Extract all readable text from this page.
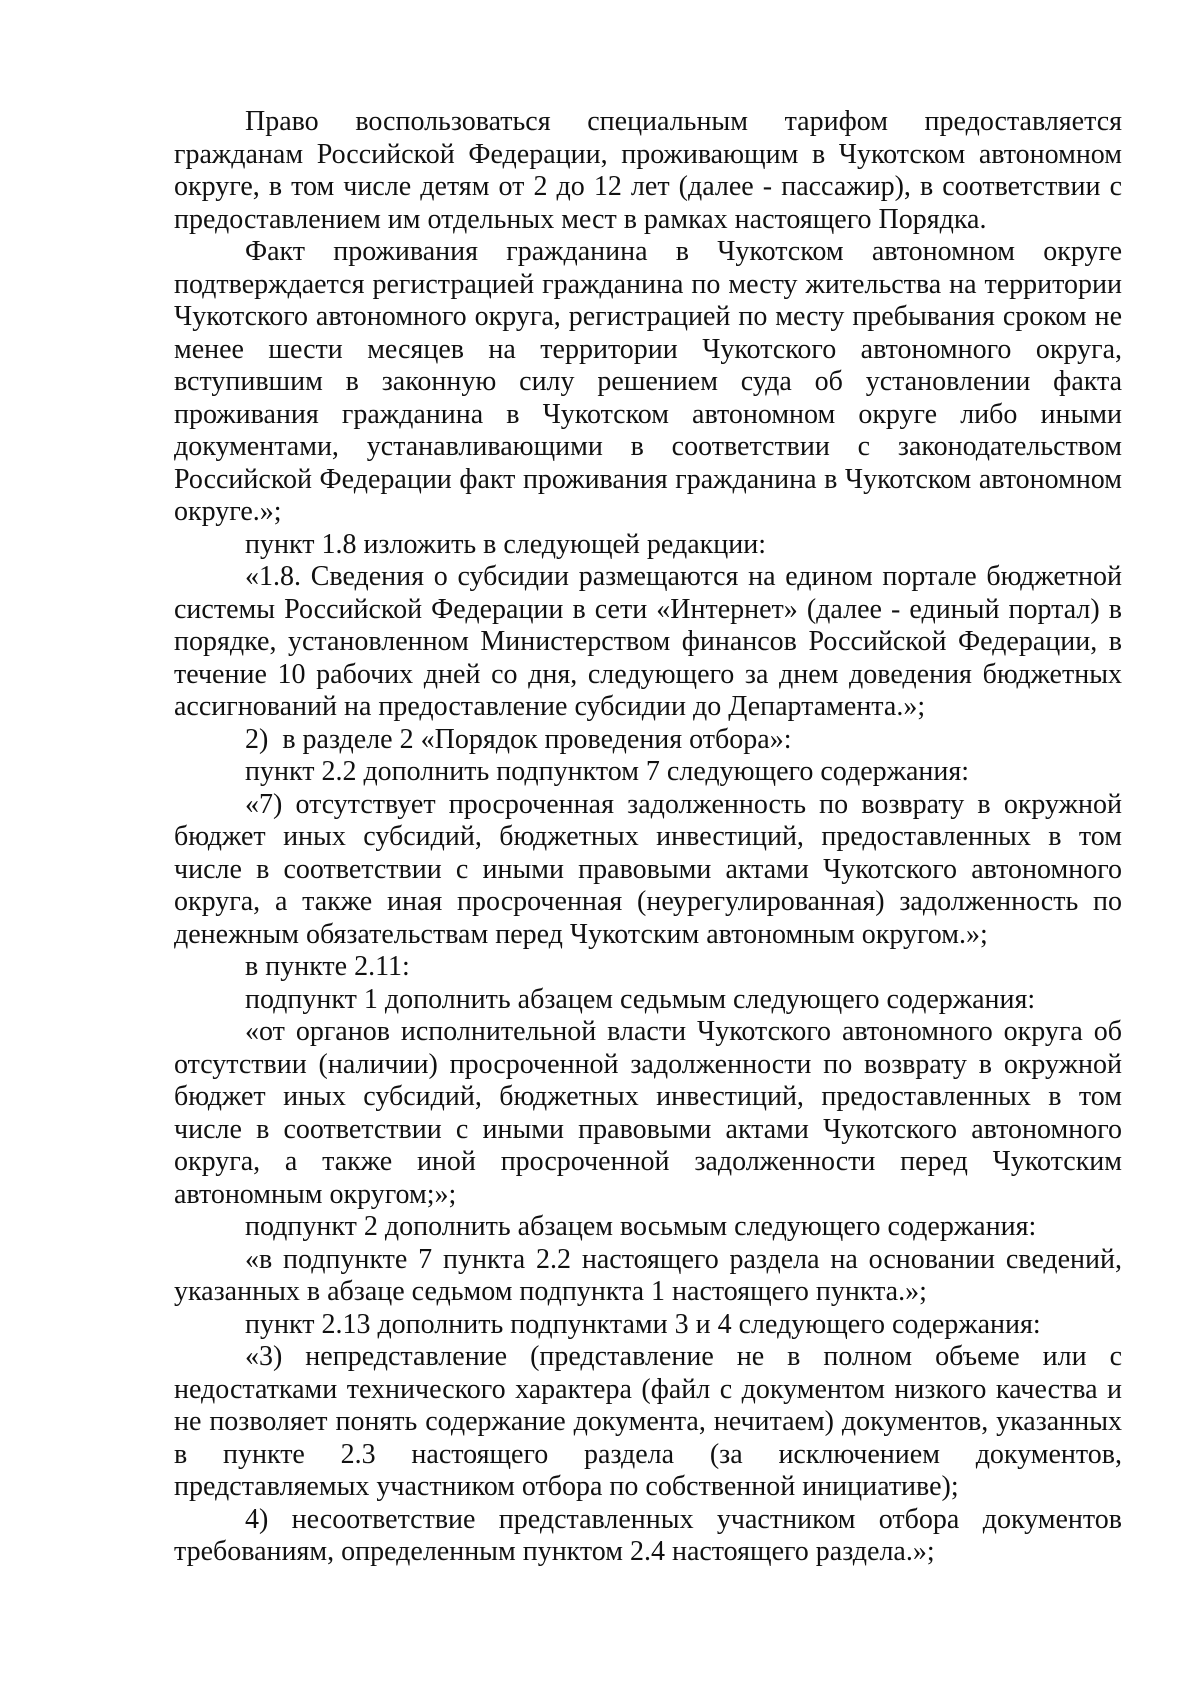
Право воспользоваться специальным тарифом предоставляется гражданам Российской Федерации, проживающим в Чукотском автономном округе, в том числе детям от 2 до 12 лет (далее - пассажир), в соответствии с предоставлением им отдельных мест в рамках настоящего Порядка.

Факт проживания гражданина в Чукотском автономном округе подтверждается регистрацией гражданина по месту жительства на территории Чукотского автономного округа, регистрацией по месту пребывания сроком не менее шести месяцев на территории Чукотского автономного округа, вступившим в законную силу решением суда об установлении факта проживания гражданина в Чукотском автономном округе либо иными документами, устанавливающими в соответствии с законодательством Российской Федерации факт проживания гражданина в Чукотском автономном округе.»;

пункт 1.8 изложить в следующей редакции:

«1.8. Сведения о субсидии размещаются на едином портале бюджетной системы Российской Федерации в сети «Интернет» (далее - единый портал) в порядке, установленном Министерством финансов Российской Федерации, в течение 10 рабочих дней со дня, следующего за днем доведения бюджетных ассигнований на предоставление субсидии до Департамента.»;

2)  в разделе 2 «Порядок проведения отбора»:

пункт 2.2 дополнить подпунктом 7 следующего содержания:

«7) отсутствует просроченная задолженность по возврату в окружной бюджет иных субсидий, бюджетных инвестиций, предоставленных в том числе в соответствии с иными правовыми актами Чукотского автономного округа, а также иная просроченная (неурегулированная) задолженность по денежным обязательствам перед Чукотским автономным округом.»;

в пункте 2.11:

подпункт 1 дополнить абзацем седьмым следующего содержания:

«от органов исполнительной власти Чукотского автономного округа об отсутствии (наличии) просроченной задолженности по возврату в окружной бюджет иных субсидий, бюджетных инвестиций, предоставленных в том числе в соответствии с иными правовыми актами Чукотского автономного округа, а также иной просроченной задолженности перед Чукотским автономным округом;»;

подпункт 2 дополнить абзацем восьмым следующего содержания:

«в подпункте 7 пункта 2.2 настоящего раздела на основании сведений, указанных в абзаце седьмом подпункта 1 настоящего пункта.»;

пункт 2.13 дополнить подпунктами 3 и 4 следующего содержания:

«3) непредставление (представление не в полном объеме или с недостатками технического характера (файл с документом низкого качества и не позволяет понять содержание документа, нечитаем) документов, указанных в пункте 2.3 настоящего раздела (за исключением документов, представляемых участником отбора по собственной инициативе);

4) несоответствие представленных участником отбора документов требованиям, определенным пунктом 2.4 настоящего раздела.»;
